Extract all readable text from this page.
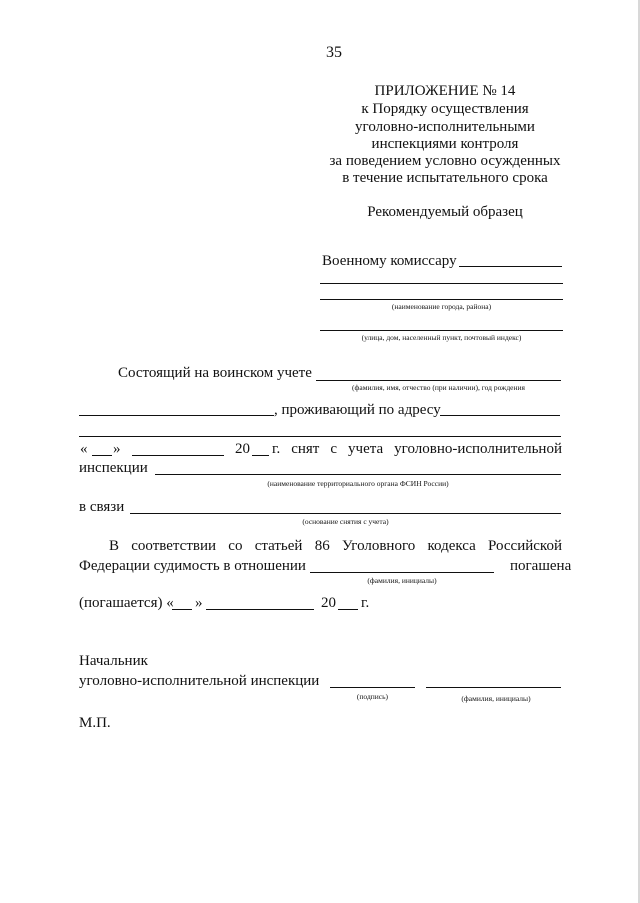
35
ПРИЛОЖЕНИЕ № 14
к Порядку осуществления
уголовно-исполнительными
инспекциями контроля
за поведением условно осужденных
в течение испытательного срока
Рекомендуемый образец
Военному комиссару
(наименование города, района)
(улица, дом, населенный пункт, почтовый индекс)
Состоящий на воинском учете
(фамилия, имя, отчество (при наличии), год рождения
, проживающий по адресу
« »	20 г. снят с учета уголовно-исполнительной
инспекции
(наименование территориального органа ФСИН России)
в связи
(основание снятия с учета)
В соответствии со статьей 86 Уголовного кодекса Российской
Федерации судимость в отношении	погашена
(фамилия, инициалы)
(погашается) « »	20 г.
Начальник
уголовно-исполнительной инспекции
(подпись)	(фамилия, инициалы)
М.П.
